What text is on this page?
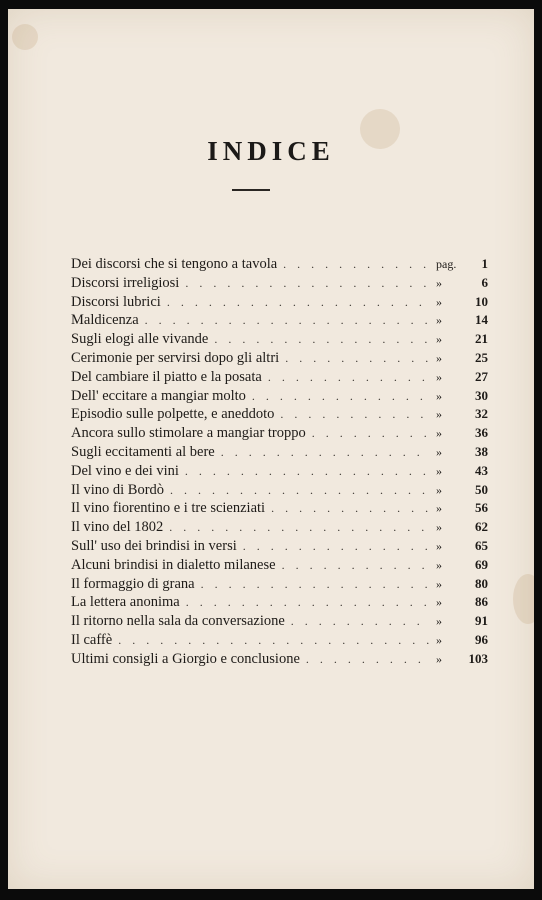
INDICE
Dei discorsi che si tengono a tavola . . .	pag.	1
Discorsi irreligiosi . . .	»	6
Discorsi lubrici . . .	»	10
Maldicenza . . .	»	14
Sugli elogi alle vivande . . .	»	21
Cerimonie per servirsi dopo gli altri . . .	»	25
Del cambiare il piatto e la posata . . .	»	27
Dell' eccitare a mangiar molto . . .	»	30
Episodio sulle polpette, e aneddoto . . .	»	32
Ancora sullo stimolare a mangiar troppo . . .	»	36
Sugli eccitamenti al bere . . .	»	38
Del vino e dei vini . . .	»	43
Il vino di Bordò . . .	»	50
Il vino fiorentino e i tre scienziati . . .	»	56
Il vino del 1802 . . .	»	62
Sull' uso dei brindisi in versi . . .	»	65
Alcuni brindisi in dialetto milanese . . .	»	69
Il formaggio di grana . . .	»	80
La lettera anonima . . .	»	86
Il ritorno nella sala da conversazione . . .	»	91
Il caffè . . .	»	96
Ultimi consigli a Giorgio e conclusione . . .	»	103
